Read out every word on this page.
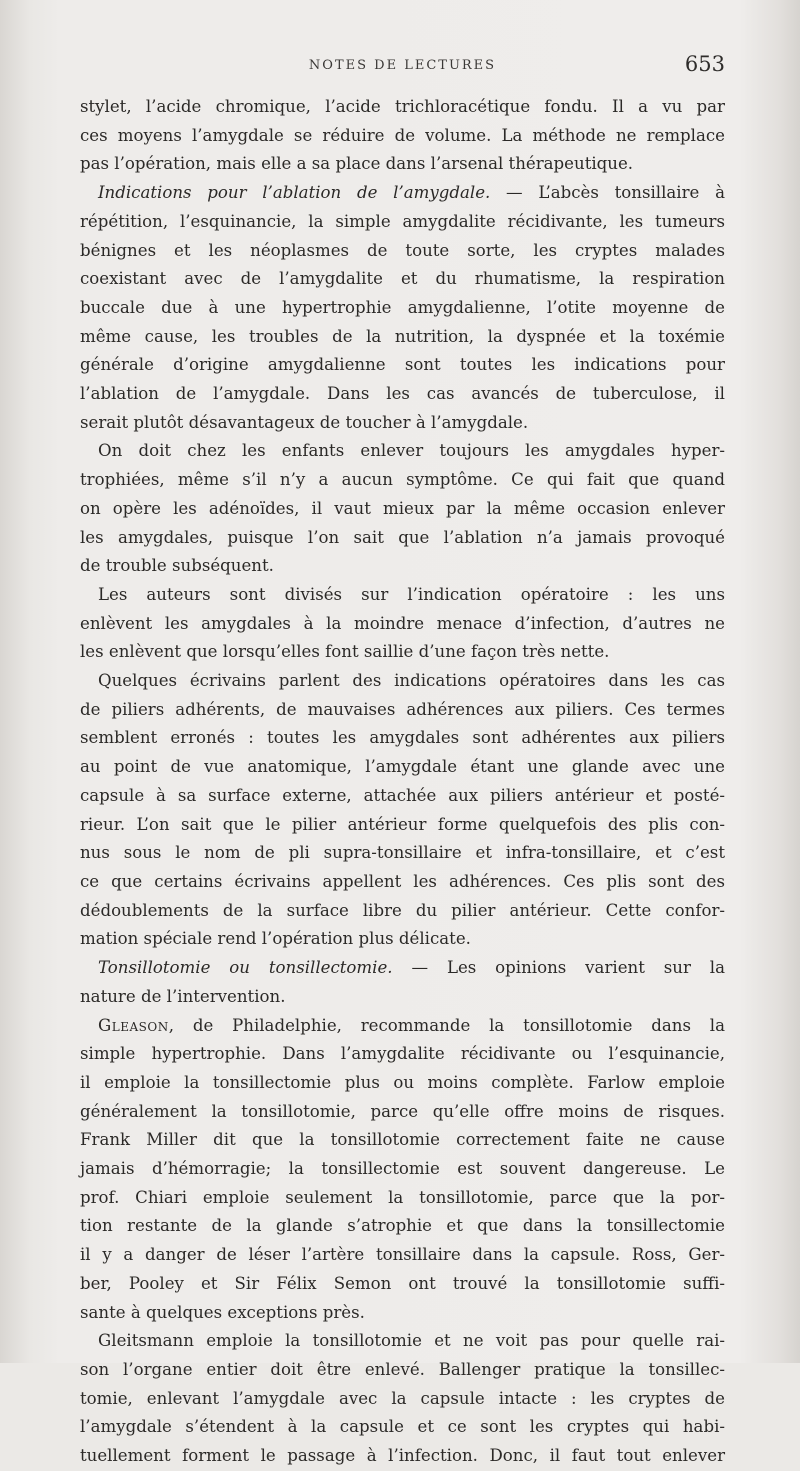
NOTES DE LECTURES	653

stylet, l’acide chromique, l’acide trichloracétique fondu. Il a vu par

ces moyens l’amygdale se réduire de volume. La méthode ne remplace

pas l’opération, mais elle a sa place dans l’arsenal thérapeutique.

Indications pour l’ablation de l’amygdale. — L’abcès tonsillaire à

répétition, l’esquinancie, la simple amygdalite récidivante, les tumeurs

bénignes et les néoplasmes de toute sorte, les cryptes malades

coexistant avec de l’amygdalite et du rhumatisme, la respiration

buccale due à une hypertrophie amygdalienne, l’otite moyenne de

même cause, les troubles de la nutrition, la dyspnée et la toxémie

générale d’origine amygdalienne sont toutes les indications pour

l’ablation de l’amygdale. Dans les cas avancés de tuberculose, il

serait plutôt désavantageux de toucher à l’amygdale.

On doit chez les enfants enlever toujours les amygdales hyper-

trophiées, même s’il n’y a aucun symptôme. Ce qui fait que quand

on opère les adénoïdes, il vaut mieux par la même occasion enlever

les amygdales, puisque l’on sait que l’ablation n’a jamais provoqué

de trouble subséquent.

Les auteurs sont divisés sur l’indication opératoire : les uns

enlèvent les amygdales à la moindre menace d’infection, d’autres ne

les enlèvent que lorsqu’elles font saillie d’une façon très nette.

Quelques écrivains parlent des indications opératoires dans les cas

de piliers adhérents, de mauvaises adhérences aux piliers. Ces termes

semblent erronés : toutes les amygdales sont adhérentes aux piliers

au point de vue anatomique, l’amygdale étant une glande avec une

capsule à sa surface externe, attachée aux piliers antérieur et posté-

rieur. L’on sait que le pilier antérieur forme quelquefois des plis con-

nus sous le nom de pli supra-tonsillaire et infra-tonsillaire, et c’est

ce que certains écrivains appellent les adhérences. Ces plis sont des

dédoublements de la surface libre du pilier antérieur. Cette confor-

mation spéciale rend l’opération plus délicate.

Tonsillotomie ou tonsillectomie. — Les opinions varient sur la

nature de l’intervention.

Gleason, de Philadelphie, recommande la tonsillotomie dans la

simple hypertrophie. Dans l’amygdalite récidivante ou l’esquinancie,

il emploie la tonsillectomie plus ou moins complète. Farlow emploie

généralement la tonsillotomie, parce qu’elle offre moins de risques.

Frank Miller dit que la tonsillotomie correctement faite ne cause

jamais d’hémorragie; la tonsillectomie est souvent dangereuse. Le

prof. Chiari emploie seulement la tonsillotomie, parce que la por-

tion restante de la glande s’atrophie et que dans la tonsillectomie

il y a danger de léser l’artère tonsillaire dans la capsule. Ross, Ger-

ber, Pooley et Sir Félix Semon ont trouvé la tonsillotomie suffi-

sante à quelques exceptions près.

Gleitsmann emploie la tonsillotomie et ne voit pas pour quelle rai-

son l’organe entier doit être enlevé. Ballenger pratique la tonsillec-

tomie, enlevant l’amygdale avec la capsule intacte : les cryptes de

l’amygdale s’étendent à la capsule et ce sont les cryptes qui habi-

tuellement forment le passage à l’infection. Donc, il faut tout enlever
